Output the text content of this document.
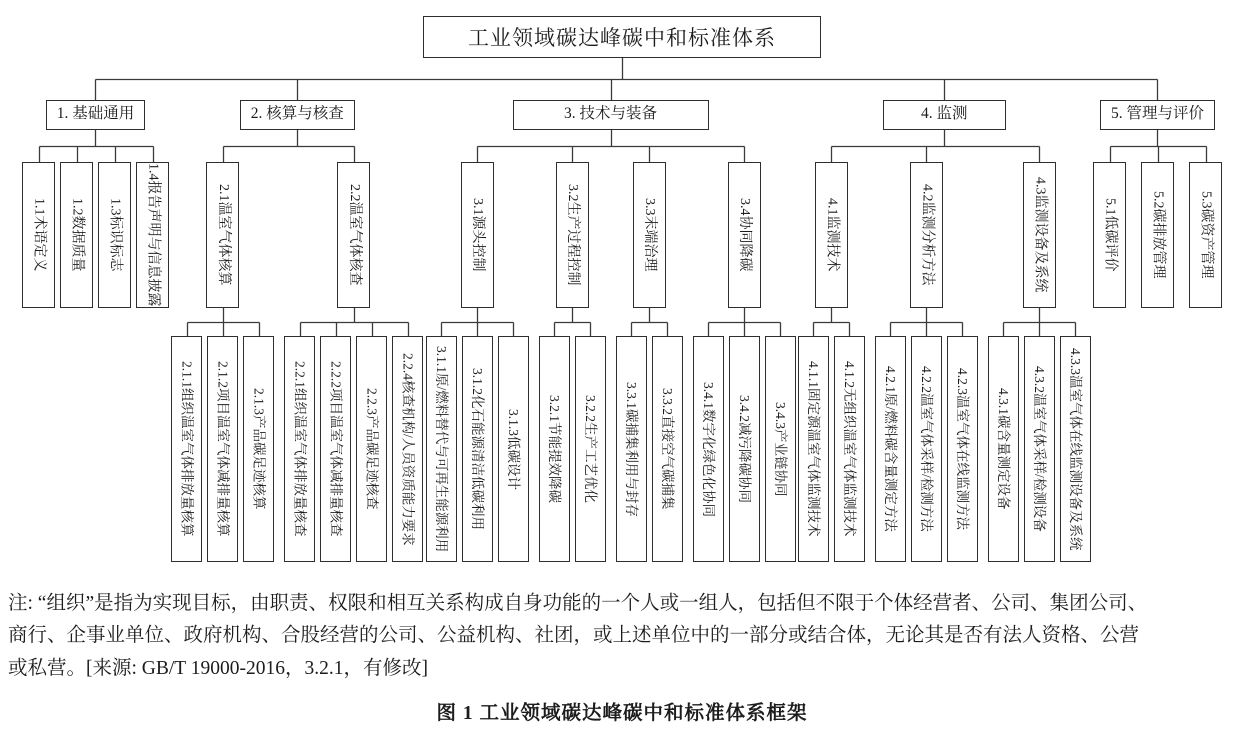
工业领域碳达峰碳中和标准体系
1. 基础通用
1.1术语定义 1.2数据质量 1.3标识标志 1.4报告声明与信息披露
2. 核算与核查
2.1温室气体核算
2.1.1组织温室气体排放量核算 2.1.2项目温室气体减排量核算 2.1.3产品碳足迹核算
2.2温室气体核查
2.2.1组织温室气体排放量核查 2.2.2项目温室气体减排量核查 2.2.3产品碳足迹核查 2.2.4核查机构/人员资质能力要求
3. 技术与装备
3.1源头控制
3.1.1原/燃料替代与可再生能源利用 3.1.2化石能源清洁低碳利用 3.1.3低碳设计
3.2生产过程控制
3.2.1节能提效降碳 3.2.2生产工艺优化
3.3末端治理
3.3.1碳捕集利用与封存 3.3.2直接空气碳捕集
3.4协同降碳
3.4.1数字化绿色化协同 3.4.2减污降碳协同 3.4.3产业链协同
4. 监测
4.1监测技术
4.1.1固定源温室气体监测技术 4.1.2无组织温室气体监测技术
4.2监测分析方法
4.2.1原/燃料碳含量测定方法 4.2.2温室气体采样/检测方法 4.2.3温室气体在线监测方法
4.3监测设备及系统
4.3.1碳含量测定设备 4.3.2温室气体采样/检测设备 4.3.3温室气体在线监测设备及系统
5. 管理与评价
5.1低碳评价 5.2碳排放管理 5.3碳资产管理
注: “组织”是指为实现目标，由职责、权限和相互关系构成自身功能的一个人或一组人，包括但不限于个体经营者、公司、集团公司、
商行、企事业单位、政府机构、合股经营的公司、公益机构、社团，或上述单位中的一部分或结合体，无论其是否有法人资格、公营
或私营。[来源: GB/T 19000-2016，3.2.1，有修改]
图 1 工业领域碳达峰碳中和标准体系框架
